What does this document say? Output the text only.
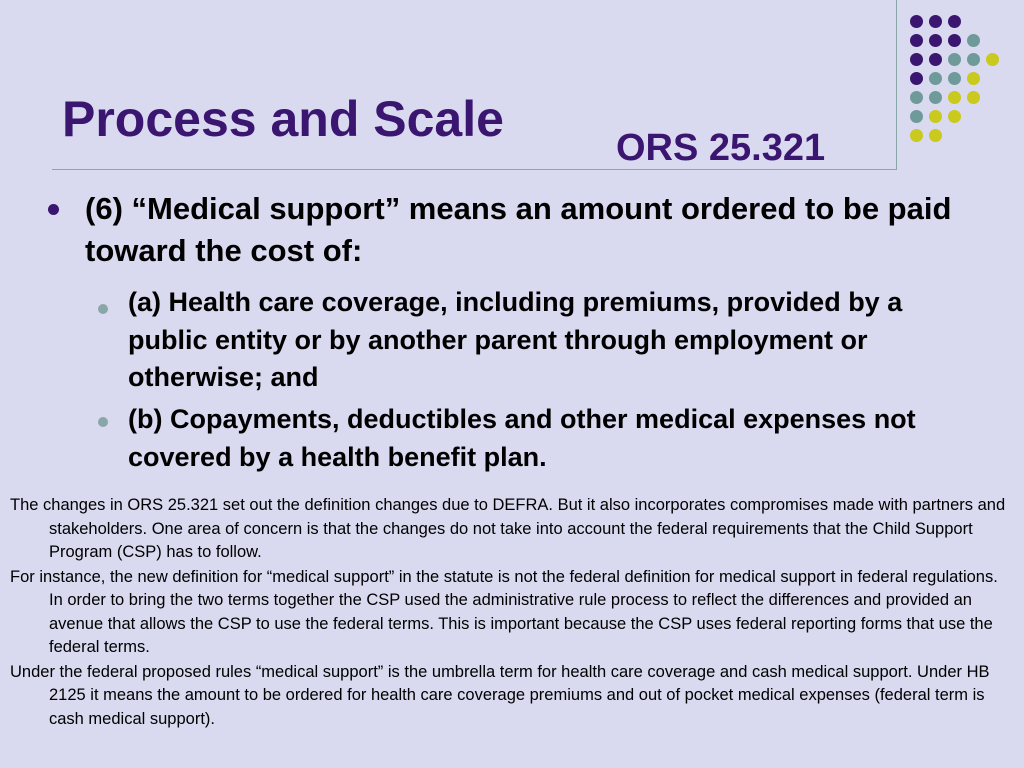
Process and Scale
ORS 25.321
(6) “Medical support” means an amount ordered to be paid toward the cost of:
(a) Health care coverage, including premiums, provided by a public entity or by another parent through employment or otherwise; and
(b) Copayments, deductibles and other medical expenses not covered by a health benefit plan.

The changes in ORS 25.321 set out the definition changes due to DEFRA. But it also incorporates compromises made with partners and stakeholders. One area of concern is that the changes do not take into account the federal requirements that the Child Support Program (CSP) has to follow.

For instance, the new definition for “medical support” in the statute is not the federal definition for medical support in federal regulations. In order to bring the two terms together the CSP used the administrative rule process to reflect the differences and provided an avenue that allows the CSP to use the federal terms. This is important because the CSP uses federal reporting forms that use the federal terms.

Under the federal proposed rules “medical support” is the umbrella term for health care coverage and cash medical support. Under HB 2125 it means the amount to be ordered for health care coverage premiums and out of pocket medical expenses (federal term is cash medical support).
